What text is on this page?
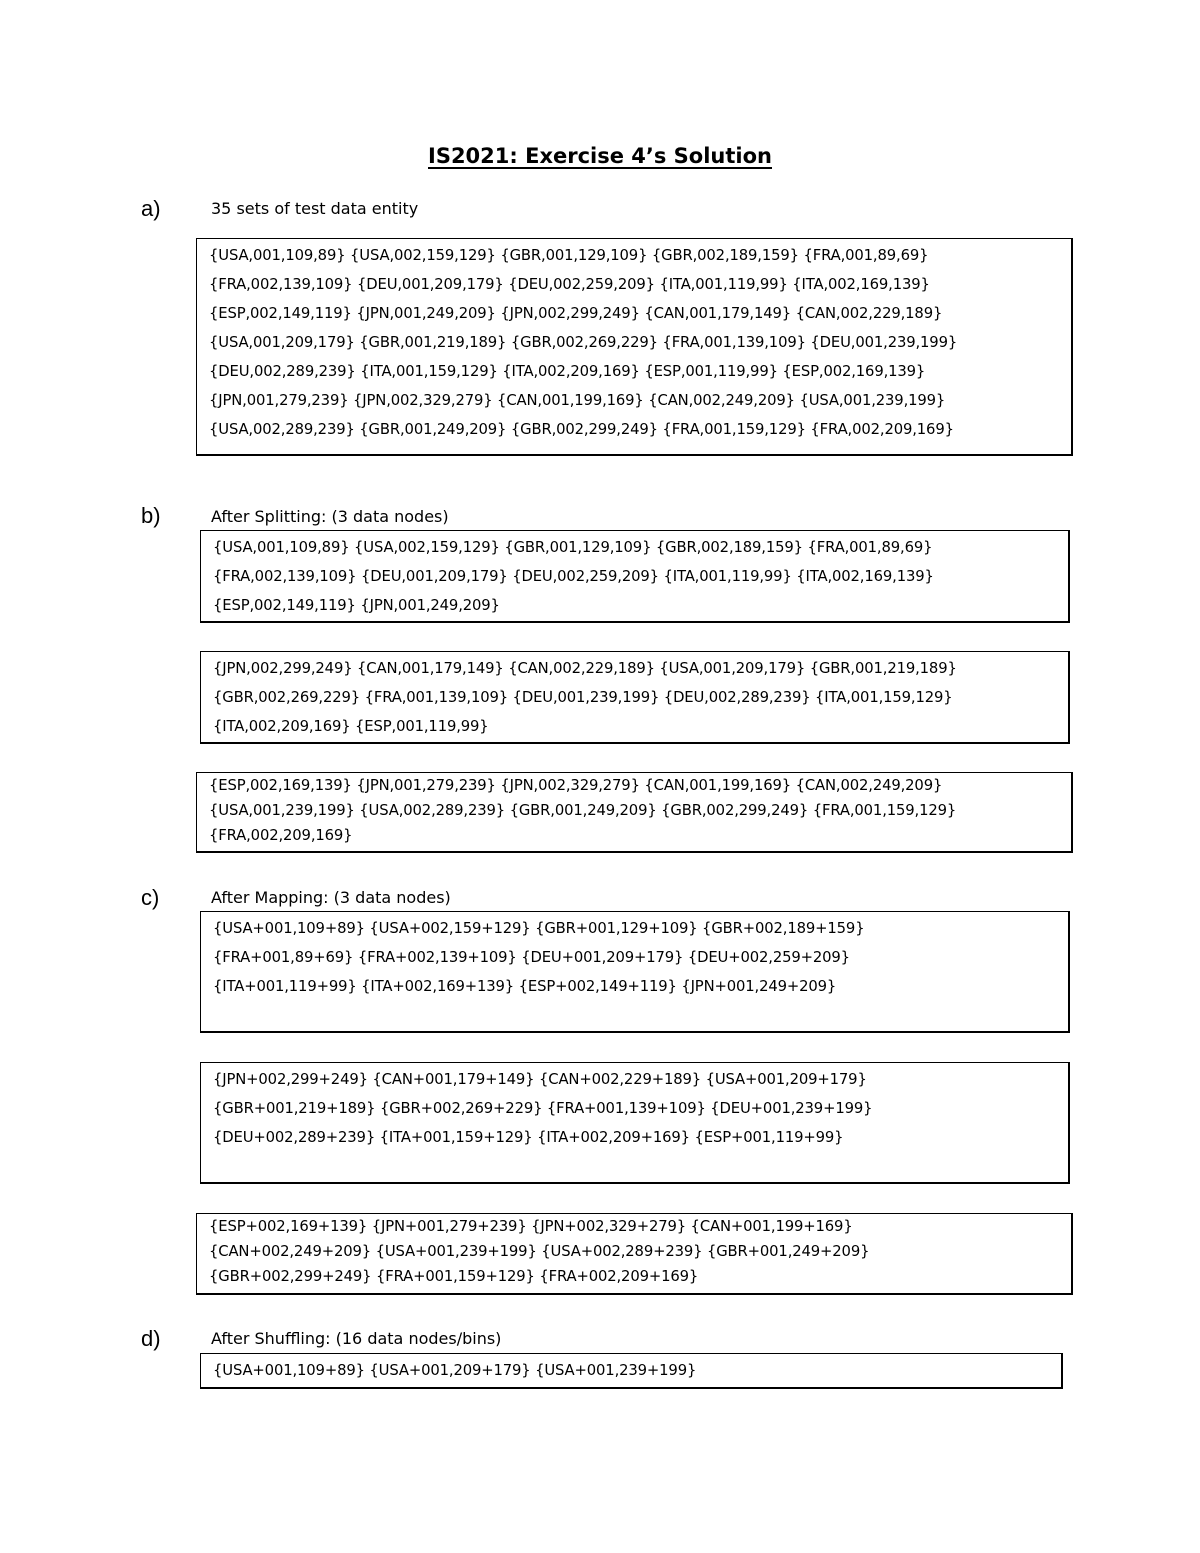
IS2021: Exercise 4’s Solution
a)	35 sets of test data entity
{USA,001,109,89} {USA,002,159,129} {GBR,001,129,109} {GBR,002,189,159} {FRA,001,89,69}
{FRA,002,139,109} {DEU,001,209,179} {DEU,002,259,209} {ITA,001,119,99} {ITA,002,169,139}
{ESP,002,149,119} {JPN,001,249,209} {JPN,002,299,249} {CAN,001,179,149} {CAN,002,229,189}
{USA,001,209,179} {GBR,001,219,189} {GBR,002,269,229} {FRA,001,139,109} {DEU,001,239,199}
{DEU,002,289,239} {ITA,001,159,129} {ITA,002,209,169} {ESP,001,119,99} {ESP,002,169,139}
{JPN,001,279,239} {JPN,002,329,279} {CAN,001,199,169} {CAN,002,249,209} {USA,001,239,199}
{USA,002,289,239} {GBR,001,249,209} {GBR,002,299,249} {FRA,001,159,129} {FRA,002,209,169}
b)	After Splitting: (3 data nodes)
{USA,001,109,89} {USA,002,159,129} {GBR,001,129,109} {GBR,002,189,159} {FRA,001,89,69}
{FRA,002,139,109} {DEU,001,209,179} {DEU,002,259,209} {ITA,001,119,99} {ITA,002,169,139}
{ESP,002,149,119} {JPN,001,249,209}
{JPN,002,299,249} {CAN,001,179,149} {CAN,002,229,189} {USA,001,209,179} {GBR,001,219,189}
{GBR,002,269,229} {FRA,001,139,109} {DEU,001,239,199} {DEU,002,289,239} {ITA,001,159,129}
{ITA,002,209,169} {ESP,001,119,99}
{ESP,002,169,139} {JPN,001,279,239} {JPN,002,329,279} {CAN,001,199,169} {CAN,002,249,209}
{USA,001,239,199} {USA,002,289,239} {GBR,001,249,209} {GBR,002,299,249} {FRA,001,159,129}
{FRA,002,209,169}
c)	After Mapping: (3 data nodes)
{USA+001,109+89} {USA+002,159+129} {GBR+001,129+109} {GBR+002,189+159}
{FRA+001,89+69} {FRA+002,139+109} {DEU+001,209+179} {DEU+002,259+209}
{ITA+001,119+99} {ITA+002,169+139} {ESP+002,149+119} {JPN+001,249+209}
{JPN+002,299+249} {CAN+001,179+149} {CAN+002,229+189} {USA+001,209+179}
{GBR+001,219+189} {GBR+002,269+229} {FRA+001,139+109} {DEU+001,239+199}
{DEU+002,289+239} {ITA+001,159+129} {ITA+002,209+169} {ESP+001,119+99}
{ESP+002,169+139} {JPN+001,279+239} {JPN+002,329+279} {CAN+001,199+169}
{CAN+002,249+209} {USA+001,239+199} {USA+002,289+239} {GBR+001,249+209}
{GBR+002,299+249} {FRA+001,159+129} {FRA+002,209+169}
d)	After Shuffling: (16 data nodes/bins)
{USA+001,109+89} {USA+001,209+179} {USA+001,239+199}
